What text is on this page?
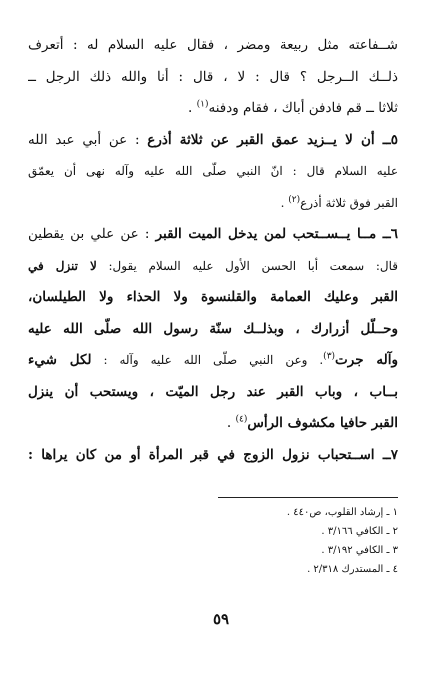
شــفاعته مثل ربيعة ومضر ، فقال عليه السلام له : أتعرف
ذلــك الــرجل ؟ قال : لا ، قال : أنا والله ذلك الرجل ــ
ثلاثا ــ قم فادفن أباك ، فقام ودفنه$^{(١)}$ .
٥ــ أن لا يــزيد عمق القبر عن ثلاثة أذرع : عن أبي عبد الله
عليه السلام قال : انّ النبي صلّى الله عليه وآله نهى أن يعمّق
القبر فوق ثلاثة أذرع$^{(٢)}$ .
٦ــ مــا يــســتحب لمن يدخل الميت القبر : عن علي بن يقطين
قال: سمعت أبا الحسن الأول عليه السلام يقول: لا تنزل في
القبر وعليك العمامة والقلنسوة ولا الحذاء ولا الطيلسان،
وحــلّل أزرارك ، وبذلــك سنّة رسول الله صلّى الله عليه
وآله جرت$^{(٣)}$. وعن النبي صلّى الله عليه وآله : لكل شيء
بــاب ، وباب القبر عند رجل الميّت ، ويستحب أن ينزل
القبر حافيا مكشوف الرأس$^{(٤)}$ .
٧ــ اســتحباب نزول الزوج في قبر المرأة أو من كان يراها :
١ ـ إرشاد القلوب، ص٤٤٠ .
٢ ـ الكافي ٣/١٦٦ .
٣ ـ الكافي ٣/١٩٢ .
٤ ـ المستدرك ٢/٣١٨ .
٥٩
